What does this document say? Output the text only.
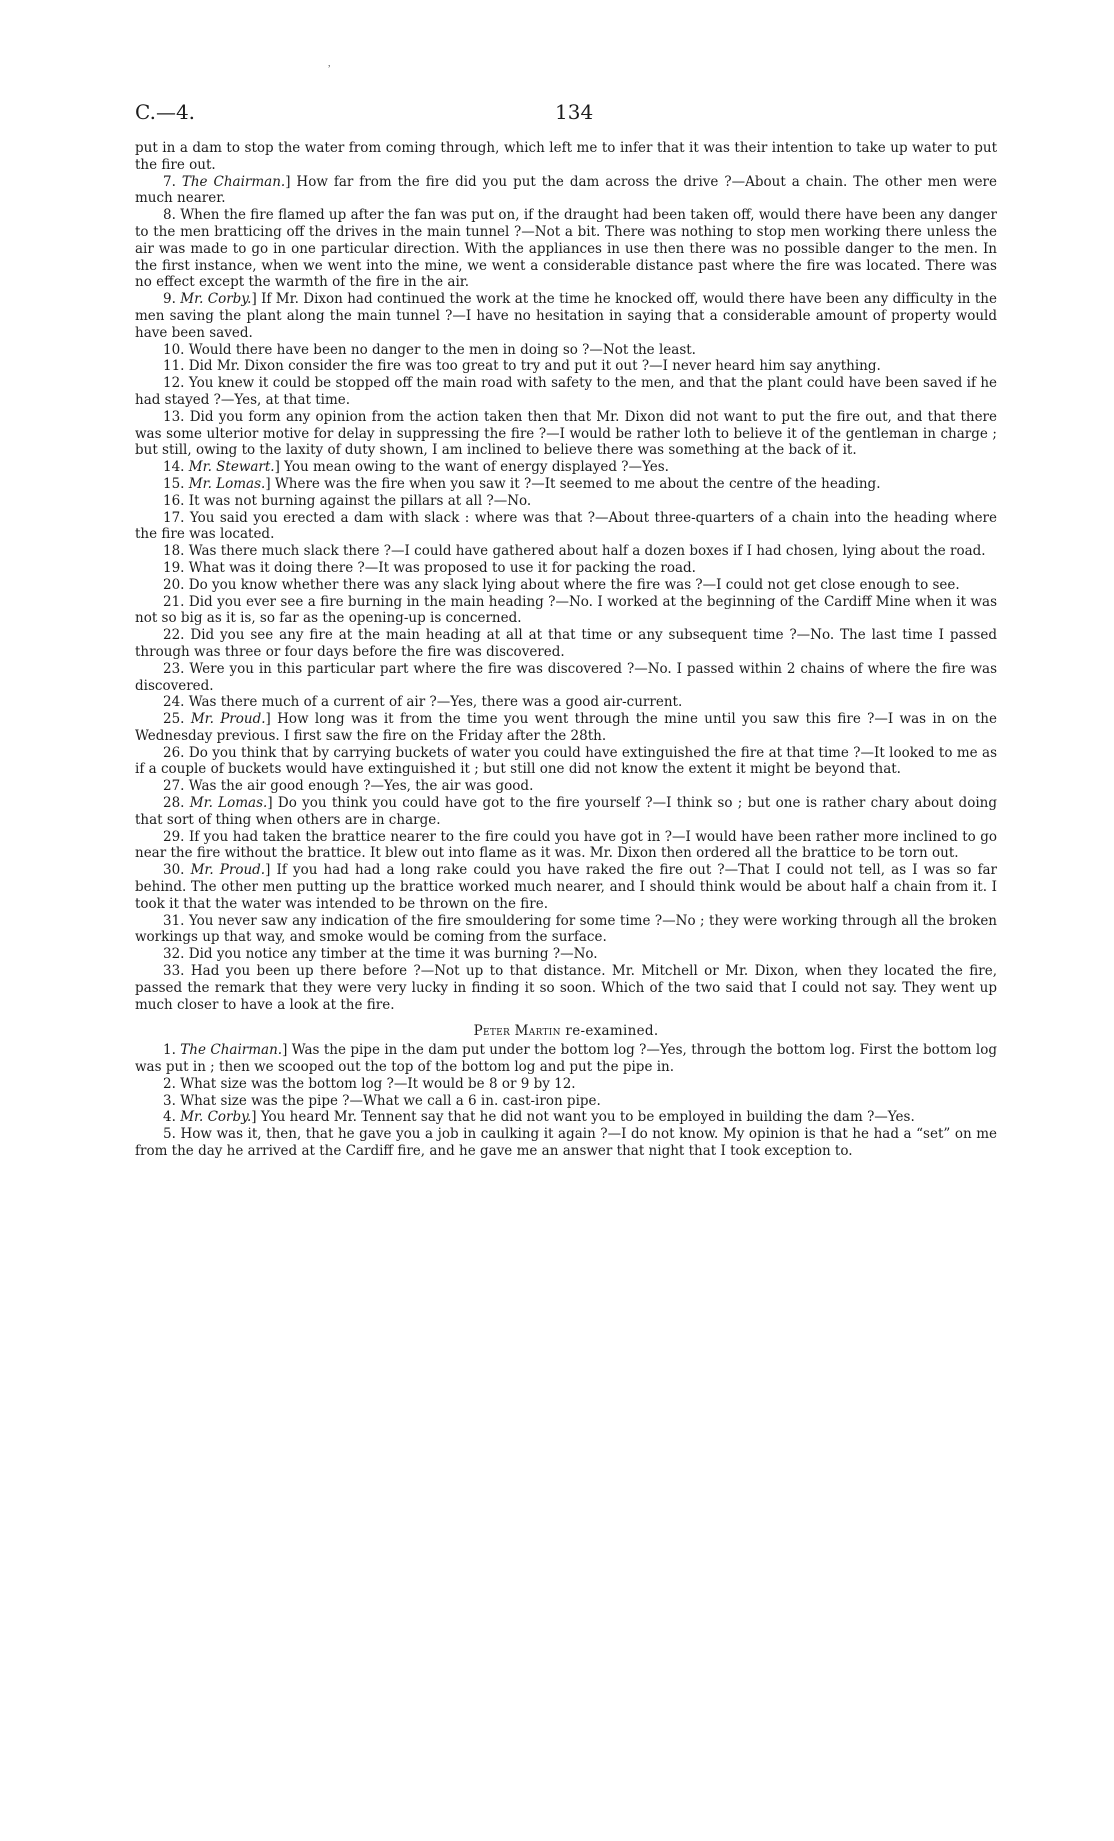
,
C.—4.	134

put in a dam to stop the water from coming through, which left me to infer that it was their intention to take up water to put the fire out.

7. The Chairman.] How far from the fire did you put the dam across the drive ?—About a chain. The other men were much nearer.

8. When the fire flamed up after the fan was put on, if the draught had been taken off, would there have been any danger to the men bratticing off the drives in the main tunnel ?—Not a bit. There was nothing to stop men working there unless the air was made to go in one particular direction. With the appliances in use then there was no possible danger to the men. In the first instance, when we went into the mine, we went a considerable distance past where the fire was located. There was no effect except the warmth of the fire in the air.

9. Mr. Corby.] If Mr. Dixon had continued the work at the time he knocked off, would there have been any difficulty in the men saving the plant along the main tunnel ?—I have no hesitation in saying that a considerable amount of property would have been saved.

10. Would there have been no danger to the men in doing so ?—Not the least.

11. Did Mr. Dixon consider the fire was too great to try and put it out ?—I never heard him say anything.

12. You knew it could be stopped off the main road with safety to the men, and that the plant could have been saved if he had stayed ?—Yes, at that time.

13. Did you form any opinion from the action taken then that Mr. Dixon did not want to put the fire out, and that there was some ulterior motive for delay in suppressing the fire ?—I would be rather loth to believe it of the gentleman in charge ; but still, owing to the laxity of duty shown, I am inclined to believe there was something at the back of it.

14. Mr. Stewart.] You mean owing to the want of energy displayed ?—Yes.

15. Mr. Lomas.] Where was the fire when you saw it ?—It seemed to me about the centre of the heading.

16. It was not burning against the pillars at all ?—No.

17. You said you erected a dam with slack : where was that ?—About three-quarters of a chain into the heading where the fire was located.

18. Was there much slack there ?—I could have gathered about half a dozen boxes if I had chosen, lying about the road.

19. What was it doing there ?—It was proposed to use it for packing the road.

20. Do you know whether there was any slack lying about where the fire was ?—I could not get close enough to see.

21. Did you ever see a fire burning in the main heading ?—No. I worked at the beginning of the Cardiff Mine when it was not so big as it is, so far as the opening-up is concerned.

22. Did you see any fire at the main heading at all at that time or any subsequent time ?—No. The last time I passed through was three or four days before the fire was discovered.

23. Were you in this particular part where the fire was discovered ?—No. I passed within 2 chains of where the fire was discovered.

24. Was there much of a current of air ?—Yes, there was a good air-current.

25. Mr. Proud.] How long was it from the time you went through the mine until you saw this fire ?—I was in on the Wednesday previous. I first saw the fire on the Friday after the 28th.

26. Do you think that by carrying buckets of water you could have extinguished the fire at that time ?—It looked to me as if a couple of buckets would have extinguished it ; but still one did not know the extent it might be beyond that.

27. Was the air good enough ?—Yes, the air was good.

28. Mr. Lomas.] Do you think you could have got to the fire yourself ?—I think so ; but one is rather chary about doing that sort of thing when others are in charge.

29. If you had taken the brattice nearer to the fire could you have got in ?—I would have been rather more inclined to go near the fire without the brattice. It blew out into flame as it was. Mr. Dixon then ordered all the brattice to be torn out.

30. Mr. Proud.] If you had had a long rake could you have raked the fire out ?—That I could not tell, as I was so far behind. The other men putting up the brattice worked much nearer, and I should think would be about half a chain from it. I took it that the water was intended to be thrown on the fire.

31. You never saw any indication of the fire smouldering for some time ?—No ; they were working through all the broken workings up that way, and smoke would be coming from the surface.

32. Did you notice any timber at the time it was burning ?—No.

33. Had you been up there before ?—Not up to that distance. Mr. Mitchell or Mr. Dixon, when they located the fire, passed the remark that they were very lucky in finding it so soon. Which of the two said that I could not say. They went up much closer to have a look at the fire.

Peter Martin re-examined.

1. The Chairman.] Was the pipe in the dam put under the bottom log ?—Yes, through the bottom log. First the bottom log was put in ; then we scooped out the top of the bottom log and put the pipe in.

2. What size was the bottom log ?—It would be 8 or 9 by 12.

3. What size was the pipe ?—What we call a 6 in. cast-iron pipe.

4. Mr. Corby.] You heard Mr. Tennent say that he did not want you to be employed in building the dam ?—Yes.

5. How was it, then, that he gave you a job in caulking it again ?—I do not know. My opinion is that he had a “set” on me from the day he arrived at the Cardiff fire, and he gave me an answer that night that I took exception to.
